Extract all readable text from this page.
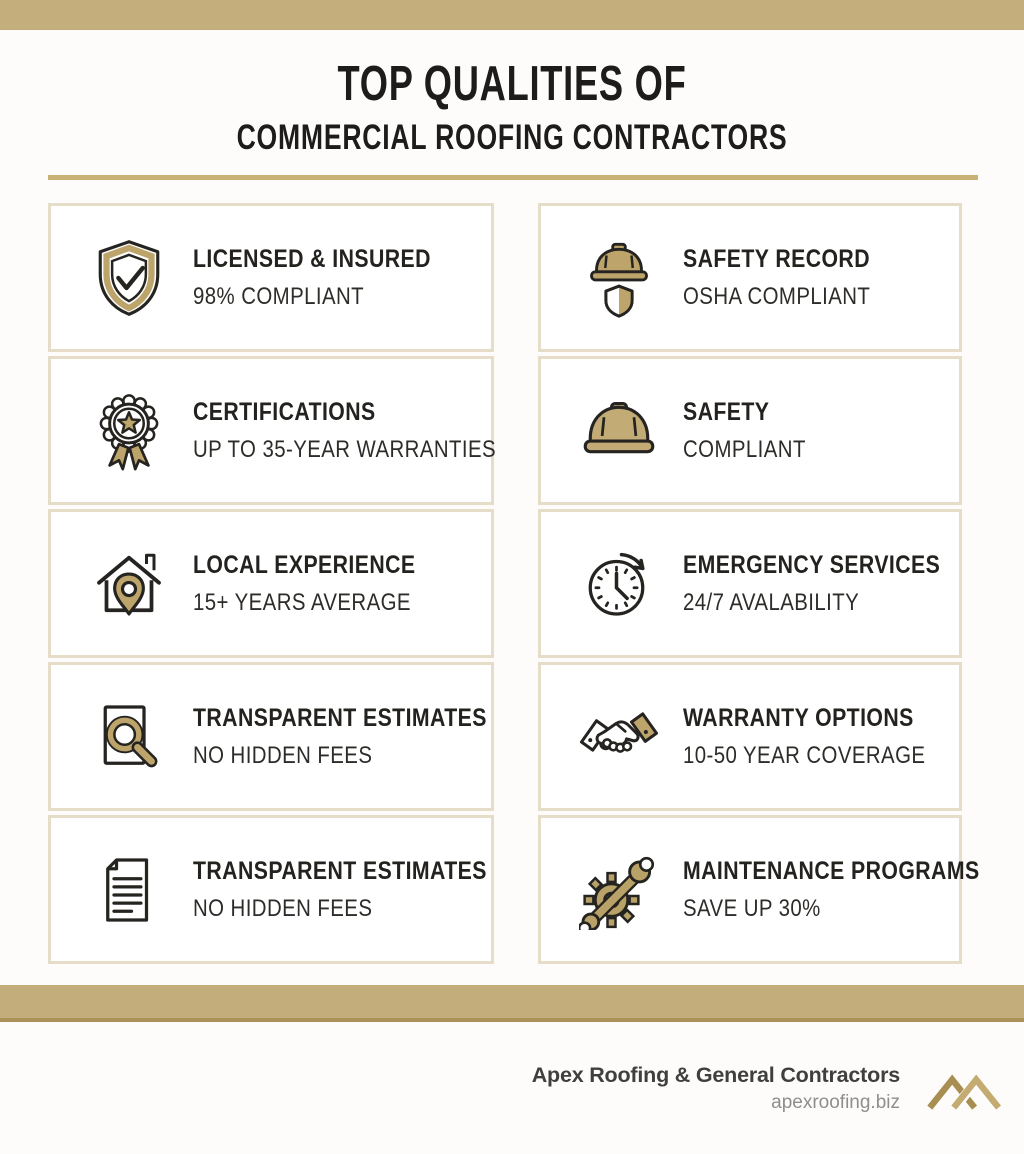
TOP QUALITIES OF
COMMERCIAL ROOFING CONTRACTORS
LICENSED & INSURED
98% COMPLIANT
SAFETY RECORD
OSHA COMPLIANT
CERTIFICATIONS
UP TO 35-YEAR WARRANTIES
SAFETY
COMPLIANT
LOCAL EXPERIENCE
15+ YEARS AVERAGE
EMERGENCY SERVICES
24/7 AVALABILITY
TRANSPARENT ESTIMATES
NO HIDDEN FEES
WARRANTY OPTIONS
10-50 YEAR COVERAGE
TRANSPARENT ESTIMATES
NO HIDDEN FEES
MAINTENANCE PROGRAMS
SAVE UP 30%
Apex Roofing & General Contractors
apexroofing.biz
